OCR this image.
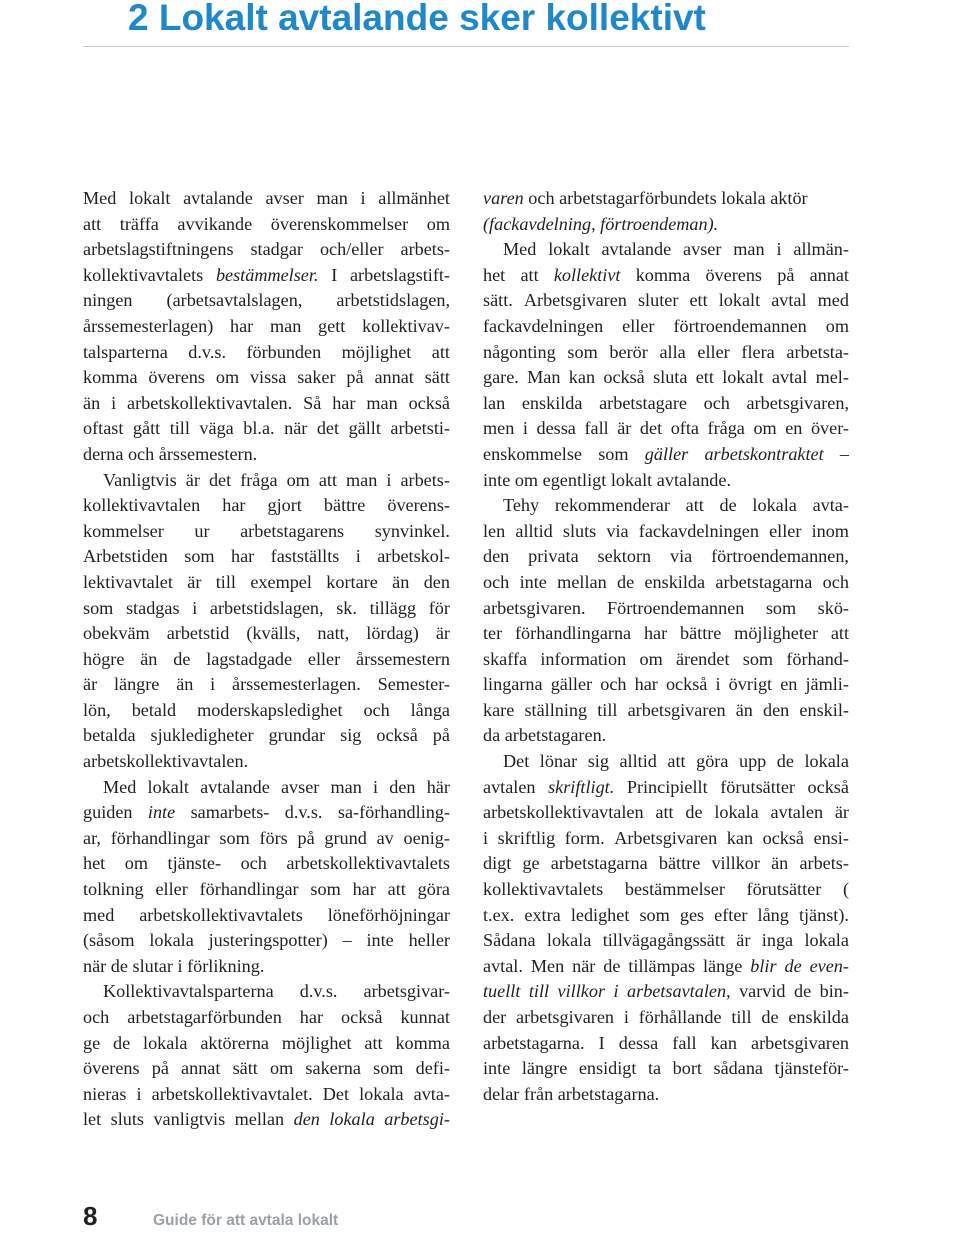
2 Lokalt avtalande sker kollektivt
Med lokalt avtalande avser man i allmänhet
att träffa avvikande överenskommelser om
arbetslagstiftningens stadgar och/eller arbets-
kollektivavtalets bestämmelser. I arbetslagstift-
ningen (arbetsavtalslagen, arbetstidslagen,
årssemesterlagen) har man gett kollektivav-
talsparterna d.v.s. förbunden möjlighet att
komma överens om vissa saker på annat sätt
än i arbetskollektivavtalen. Så har man också
oftast gått till väga bl.a. när det gällt arbetsti-
derna och årssemestern.
Vanligtvis är det fråga om att man i arbets-
kollektivavtalen har gjort bättre överens-
kommelser ur arbetstagarens synvinkel.
Arbetstiden som har fastställts i arbetskol-
lektivavtalet är till exempel kortare än den
som stadgas i arbetstidslagen, sk. tillägg för
obekväm arbetstid (kvälls, natt, lördag) är
högre än de lagstadgade eller årssemestern
är längre än i årssemesterlagen. Semester-
lön, betald moderskapsledighet och långa
betalda sjukledigheter grundar sig också på
arbetskollektivavtalen.
Med lokalt avtalande avser man i den här
guiden inte samarbets- d.v.s. sa-förhandling-
ar, förhandlingar som förs på grund av oenig-
het om tjänste- och arbetskollektivavtalets
tolkning eller förhandlingar som har att göra
med arbetskollektivavtalets löneförhöjningar
(såsom lokala justeringspotter) – inte heller
när de slutar i förlikning.
Kollektivavtalsparterna d.v.s. arbetsgivar-
och arbetstagarförbunden har också kunnat
ge de lokala aktörerna möjlighet att komma
överens på annat sätt om sakerna som defi-
nieras i arbetskollektivavtalet. Det lokala avta-
let sluts vanligtvis mellan den lokala arbetsgi-
varen och arbetstagarförbundets lokala aktör
(fackavdelning, förtroendeman).
Med lokalt avtalande avser man i allmän-
het att kollektivt komma överens på annat
sätt. Arbetsgivaren sluter ett lokalt avtal med
fackavdelningen eller förtroendemannen om
någonting som berör alla eller flera arbetsta-
gare. Man kan också sluta ett lokalt avtal mel-
lan enskilda arbetstagare och arbetsgivaren,
men i dessa fall är det ofta fråga om en över-
enskommelse som gäller arbetskontraktet –
inte om egentligt lokalt avtalande.
Tehy rekommenderar att de lokala avta-
len alltid sluts via fackavdelningen eller inom
den privata sektorn via förtroendemannen,
och inte mellan de enskilda arbetstagarna och
arbetsgivaren. Förtroendemannen som skö-
ter förhandlingarna har bättre möjligheter att
skaffa information om ärendet som förhand-
lingarna gäller och har också i övrigt en jämli-
kare ställning till arbetsgivaren än den enskil-
da arbetstagaren.
Det lönar sig alltid att göra upp de lokala
avtalen skriftligt. Principiellt förutsätter också
arbetskollektivavtalen att de lokala avtalen är
i skriftlig form. Arbetsgivaren kan också ensi-
digt ge arbetstagarna bättre villkor än arbets-
kollektivavtalets bestämmelser förutsätter (
t.ex. extra ledighet som ges efter lång tjänst).
Sådana lokala tillvägagångssätt är inga lokala
avtal. Men när de tillämpas länge blir de even-
tuellt till villkor i arbetsavtalen, varvid de bin-
der arbetsgivaren i förhållande till de enskilda
arbetstagarna. I dessa fall kan arbetsgivaren
inte längre ensidigt ta bort sådana tjänsteför-
delar från arbetstagarna.
8	Guide för att avtala lokalt
